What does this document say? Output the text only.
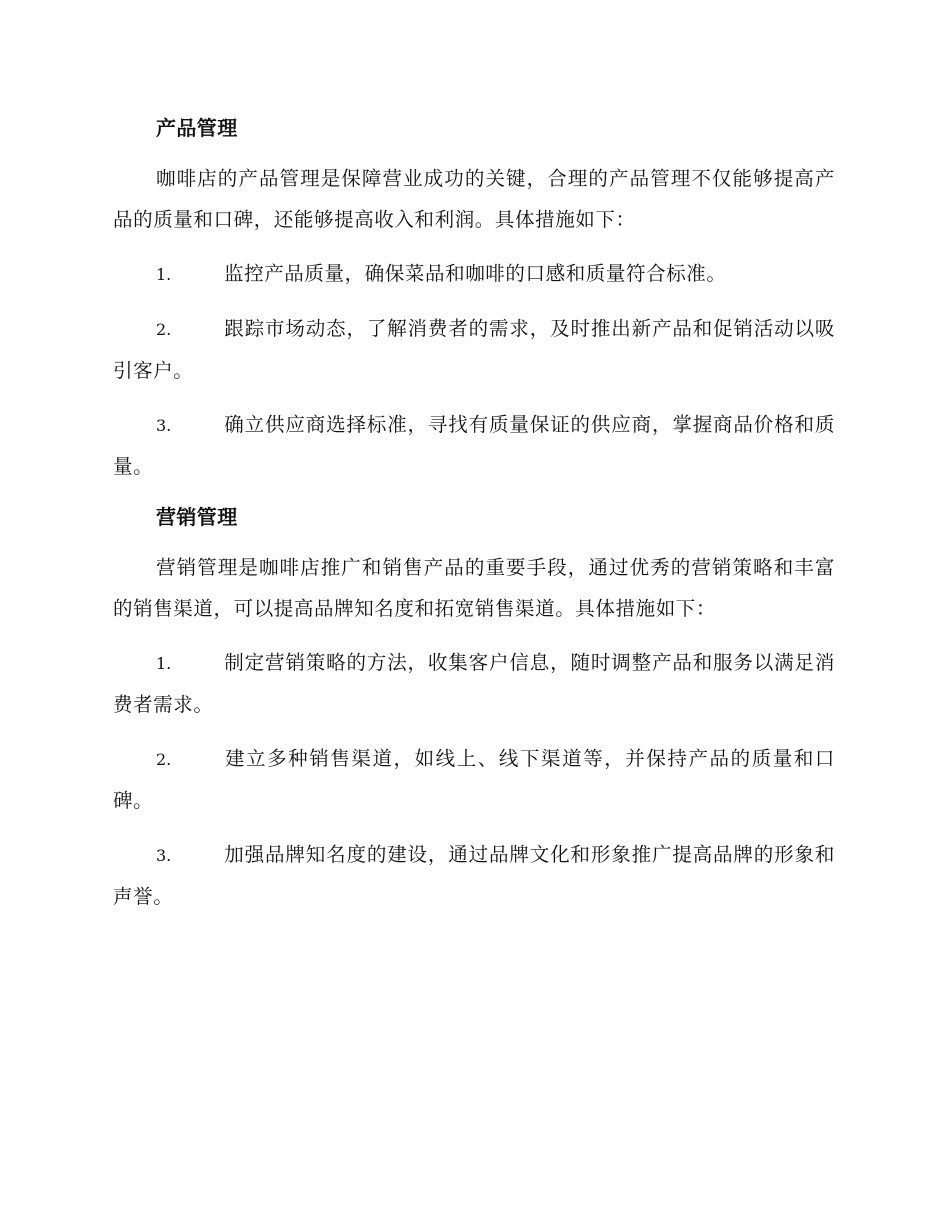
产品管理

咖啡店的产品管理是保障营业成功的关键，合理的产品管理不仅能够提高产品的质量和口碑，还能够提高收入和利润。具体措施如下：

1.	监控产品质量，确保菜品和咖啡的口感和质量符合标准。
2.	跟踪市场动态，了解消费者的需求，及时推出新产品和促销活动以吸引客户。
3.	确立供应商选择标准，寻找有质量保证的供应商，掌握商品价格和质量。
营销管理

营销管理是咖啡店推广和销售产品的重要手段，通过优秀的营销策略和丰富的销售渠道，可以提高品牌知名度和拓宽销售渠道。具体措施如下：

1.	制定营销策略的方法，收集客户信息，随时调整产品和服务以满足消费者需求。
2.	建立多种销售渠道，如线上、线下渠道等，并保持产品的质量和口碑。
3.	加强品牌知名度的建设，通过品牌文化和形象推广提高品牌的形象和声誉。
